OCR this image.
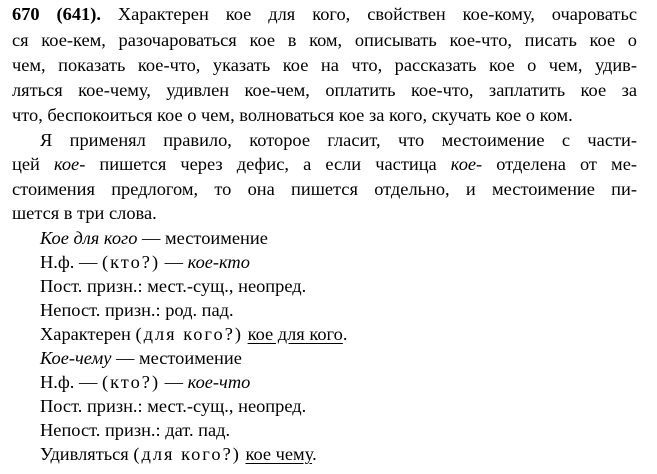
670 (641). Характерен кое для кого, свойствен кое-кому, очароватьс
ся кое-кем, разочароваться кое в ком, описывать кое-что, писать кое о
чем, показать кое-что, указать кое на что, рассказать кое о чем, удив-
ляться кое-чему, удивлен кое-чем, оплатить кое-что, заплатить кое за
что, беспокоиться кое о чем, волноваться кое за кого, скучать кое о ком.
Я применял правило, которое гласит, что местоимение с части-
цей кое- пишется через дефис, а если частица кое- отделена от ме-
стоимения предлогом, то она пишется отдельно, и местоимение пи-
шется в три слова.
Кое для кого — местоимение
Н.ф. — (кто?) — кое-кто
Пост. призн.: мест.-сущ., неопред.
Непост. призн.: род. пад.
Характерен (для кого?) кое для кого.
Кое-чему — местоимение
Н.ф. — (кто?) — кое-что
Пост. призн.: мест.-сущ., неопред.
Непост. призн.: дат. пад.
Удивляться (для кого?) кое чему.
